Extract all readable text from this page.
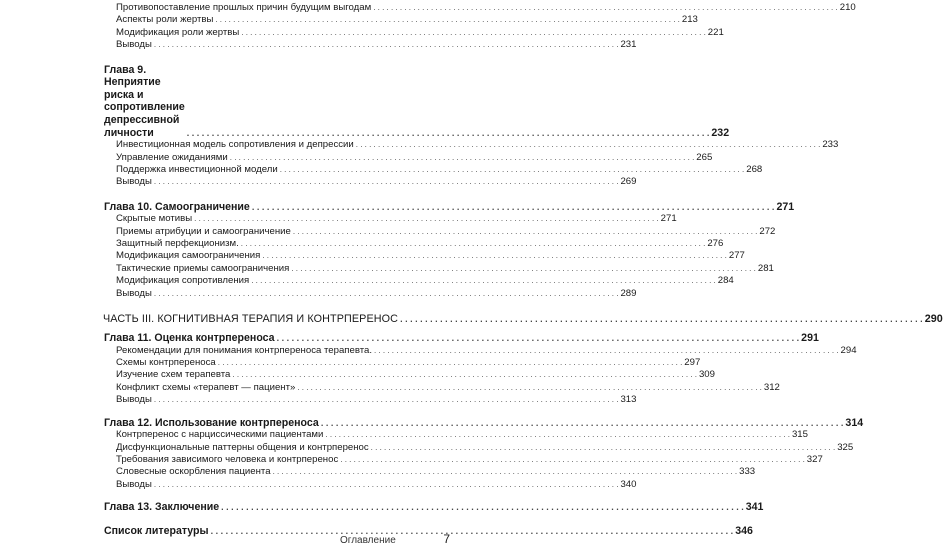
Противопоставление прошлых причин будущим выгодам . . .	210
Аспекты роли жертвы . . .	213
Модификация роли жертвы . . .	221
Выводы . . .	231
Глава 9. Неприятие риска и сопротивление
депрессивной личности . . .	232
Инвестиционная модель сопротивления и депрессии . . .	233
Управление ожиданиями . . .	265
Поддержка инвестиционной модели . . .	268
Выводы . . .	269
Глава 10. Самоограничение . . .	271
Скрытые мотивы . . .	271
Приемы атрибуции и самоограничение . . .	272
Защитный перфекционизм. . . .	276
Модификация самоограничения . . .	277
Тактические приемы самоограничения . . .	281
Модификация сопротивления . . .	284
Выводы . . .	289
ЧАСТЬ III. КОГНИТИВНАЯ ТЕРАПИЯ И КОНТРПЕРЕНОС . . .	290
Глава 11. Оценка контрпереноса . . .	291
Рекомендации для понимания контрпереноса терапевта. . . .	294
Схемы контрпереноса . . .	297
Изучение схем терапевта . . .	309
Конфликт схемы «терапевт — пациент» . . .	312
Выводы . . .	313
Глава 12. Использование контрпереноса . . .	314
Контрперенос с нарциссическими пациентами . . .	315
Дисфункциональные паттерны общения и контрперенос . . .	325
Требования зависимого человека и контрперенос . . .	327
Словесные оскорбления пациента . . .	333
Выводы . . .	340
Глава 13. Заключение . . .	341
Список литературы . . .	346
Оглавление	7
